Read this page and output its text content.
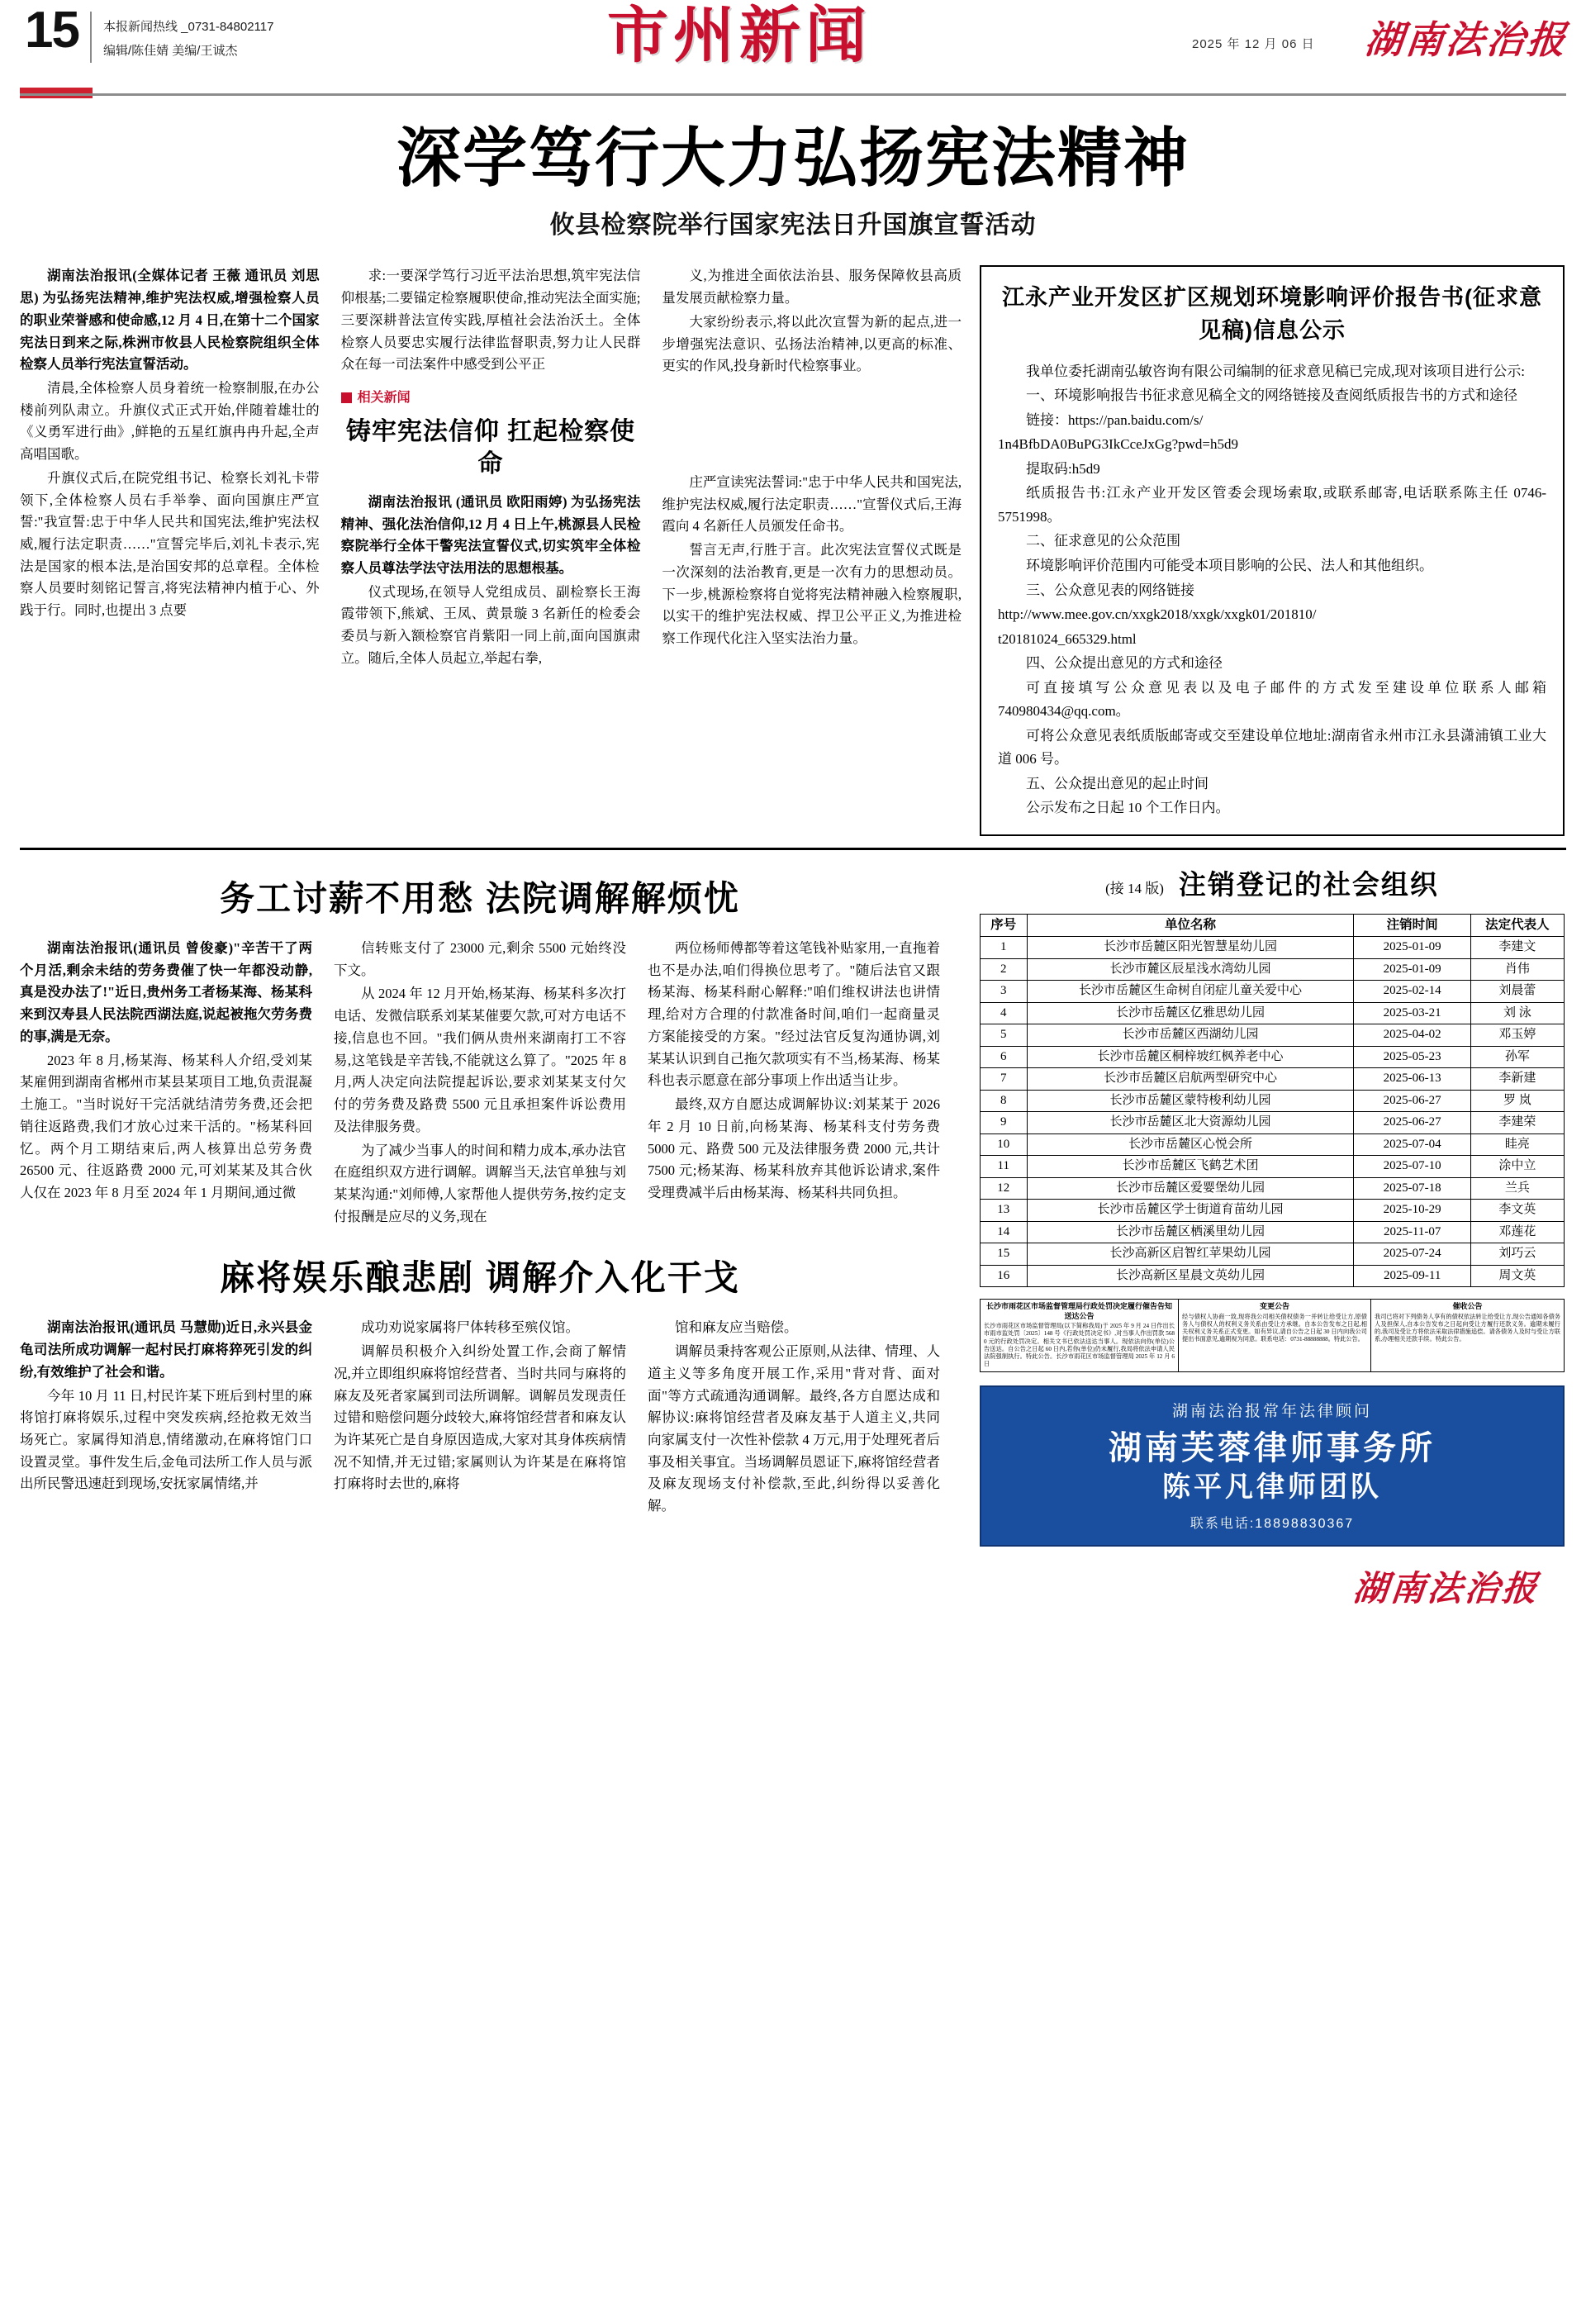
15 本报新闻热线 _0731-84802117
编辑/陈佳婧 美编/王诚杰	市州新闻	2025 年 12 月 06 日 湖南法治报
深学笃行大力弘扬宪法精神
攸县检察院举行国家宪法日升国旗宣誓活动

湖南法治报讯(全媒体记者 王薇 通讯员 刘思思) 为弘扬宪法精神,维护宪法权威,增强检察人员的职业荣誉感和使命感,12 月 4 日,在第十二个国家宪法日到来之际,株洲市攸县人民检察院组织全体检察人员举行宪法宣誓活动。

清晨,全体检察人员身着统一检察制服,在办公楼前列队肃立。升旗仪式正式开始,伴随着雄壮的《义勇军进行曲》,鲜艳的五星红旗冉冉升起,全声高唱国歌。

升旗仪式后,在院党组书记、检察长刘礼卡带领下,全体检察人员右手举拳、面向国旗庄严宣誓:"我宣誓:忠于中华人民共和国宪法,维护宪法权威,履行法定职责……"宣誓完毕后,刘礼卡表示,宪法是国家的根本法,是治国安邦的总章程。全体检察人员要时刻铭记誓言,将宪法精神内植于心、外践于行。同时,也提出 3 点要

求:一要深学笃行习近平法治思想,筑牢宪法信仰根基;二要锚定检察履职使命,推动宪法全面实施;三要深耕普法宣传实践,厚植社会法治沃土。全体检察人员要忠实履行法律监督职责,努力让人民群众在每一司法案件中感受到公平正

相关新闻
铸牢宪法信仰 扛起检察使命

湖南法治报讯 (通讯员 欧阳雨婷) 为弘扬宪法精神、强化法治信仰,12 月 4 日上午,桃源县人民检察院举行全体干警宪法宣誓仪式,切实筑牢全体检察人员尊法学法守法用法的思想根基。

仪式现场,在领导人党组成员、副检察长王海霞带领下,熊斌、王凤、黄景璇 3 名新任的检委会委员与新入额检察官肖紫阳一同上前,面向国旗肃立。随后,全体人员起立,举起右拳,

义,为推进全面依法治县、服务保障攸县高质量发展贡献检察力量。

大家纷纷表示,将以此次宣誓为新的起点,进一步增强宪法意识、弘扬法治精神,以更高的标准、更实的作风,投身新时代检察事业。

庄严宣读宪法誓词:"忠于中华人民共和国宪法,维护宪法权威,履行法定职责……"宣誓仪式后,王海霞向 4 名新任人员颁发任命书。

誓言无声,行胜于言。此次宪法宣誓仪式既是一次深刻的法治教育,更是一次有力的思想动员。下一步,桃源检察将自觉将宪法精神融入检察履职,以实干的维护宪法权威、捍卫公平正义,为推进检察工作现代化注入坚实法治力量。

江永产业开发区扩区规划环境影响评价报告书(征求意见稿)信息公示

我单位委托湖南弘敏咨询有限公司编制的征求意见稿已完成,现对该项目进行公示:

一、环境影响报告书征求意见稿全文的网络链接及查阅纸质报告书的方式和途径

链接：https://pan.baidu.com/s/

1n4BfbDA0BuPG3IkCceJxGg?pwd=h5d9

提取码:h5d9

纸质报告书:江永产业开发区管委会现场索取,或联系邮寄,电话联系陈主任 0746-5751998。

二、征求意见的公众范围

环境影响评价范围内可能受本项目影响的公民、法人和其他组织。

三、公众意见表的网络链接

http://www.mee.gov.cn/xxgk2018/xxgk/xxgk01/201810/

t20181024_665329.html

四、公众提出意见的方式和途径

可直接填写公众意见表以及电子邮件的方式发至建设单位联系人邮箱 740980434@qq.com。

可将公众意见表纸质版邮寄或交至建设单位地址:湖南省永州市江永县潇浦镇工业大道 006 号。

五、公众提出意见的起止时间

公示发布之日起 10 个工作日内。

务工讨薪不用愁 法院调解解烦忧

湖南法治报讯(通讯员 曾俊豪)"辛苦干了两个月活,剩余未结的劳务费催了快一年都没动静,真是没办法了!"近日,贵州务工者杨某海、杨某科来到汉寿县人民法院西湖法庭,说起被拖欠劳务费的事,满是无奈。

2023 年 8 月,杨某海、杨某科人介绍,受刘某某雇佣到湖南省郴州市某县某项目工地,负责混凝土施工。"当时说好干完活就结清劳务费,还会把销往返路费,我们才放心过来干活的。"杨某科回忆。两个月工期结束后,两人核算出总劳务费 26500 元、往返路费 2000 元,可刘某某及其合伙人仅在 2023 年 8 月至 2024 年 1 月期间,通过微

信转账支付了 23000 元,剩余 5500 元始终没下文。

从 2024 年 12 月开始,杨某海、杨某科多次打电话、发微信联系刘某某催要欠款,可对方电话不接,信息也不回。"我们俩从贵州来湖南打工不容易,这笔钱是辛苦钱,不能就这么算了。"2025 年 8 月,两人决定向法院提起诉讼,要求刘某某支付欠付的劳务费及路费 5500 元且承担案件诉讼费用及法律服务费。

为了减少当事人的时间和精力成本,承办法官在庭组织双方进行调解。调解当天,法官单独与刘某某沟通:"刘师傅,人家帮他人提供劳务,按约定支付报酬是应尽的义务,现在

两位杨师傅都等着这笔钱补贴家用,一直拖着也不是办法,咱们得换位思考了。"随后法官又跟杨某海、杨某科耐心解释:"咱们维权讲法也讲情理,给对方合理的付款准备时间,咱们一起商量灵方案能接受的方案。"经过法官反复沟通协调,刘某某认识到自己拖欠款项实有不当,杨某海、杨某科也表示愿意在部分事项上作出适当让步。

最终,双方自愿达成调解协议:刘某某于 2026 年 2 月 10 日前,向杨某海、杨某科支付劳务费 5000 元、路费 500 元及法律服务费 2000 元,共计 7500 元;杨某海、杨某科放弃其他诉讼请求,案件受理费减半后由杨某海、杨某科共同负担。

麻将娱乐酿悲剧 调解介入化干戈

湖南法治报讯(通讯员 马慧勋)近日,永兴县金龟司法所成功调解一起村民打麻将猝死引发的纠纷,有效维护了社会和谐。

今年 10 月 11 日,村民许某下班后到村里的麻将馆打麻将娱乐,过程中突发疾病,经抢救无效当场死亡。家属得知消息,情绪激动,在麻将馆门口设置灵堂。事件发生后,金龟司法所工作人员与派出所民警迅速赶到现场,安抚家属情绪,并

成功劝说家属将尸体转移至殡仪馆。

调解员积极介入纠纷处置工作,会商了解情况,并立即组织麻将馆经营者、当时共同与麻将的麻友及死者家属到司法所调解。调解员发现责任过错和赔偿问题分歧较大,麻将馆经营者和麻友认为许某死亡是自身原因造成,大家对其身体疾病情况不知情,并无过错;家属则认为许某是在麻将馆打麻将时去世的,麻将

馆和麻友应当赔偿。

调解员秉持客观公正原则,从法律、情理、人道主义等多角度开展工作,采用"背对背、面对面"等方式疏通沟通调解。最终,各方自愿达成和解协议:麻将馆经营者及麻友基于人道主义,共同向家属支付一次性补偿款 4 万元,用于处理死者后事及相关事宜。当场调解员恩证下,麻将馆经营者及麻友现场支付补偿款,至此,纠纷得以妥善化解。

(接 14 版) 注销登记的社会组织
序号	单位名称	注销时间	法定代表人
1	长沙市岳麓区阳光智慧星幼儿园	2025-01-09	李建文
2	长沙市麓区辰星浅水湾幼儿园	2025-01-09	肖伟
3	长沙市岳麓区生命树自闭症儿童关爱中心	2025-02-14	刘晨蕾
4	长沙市岳麓区亿雅思幼儿园	2025-03-21	刘 泳
5	长沙市岳麓区西湖幼儿园	2025-04-02	邓玉婷
6	长沙市岳麓区桐梓坡红枫养老中心	2025-05-23	孙军
7	长沙市岳麓区启航两型研究中心	2025-06-13	李新建
8	长沙市岳麓区蒙特梭利幼儿园	2025-06-27	罗 岚
9	长沙市岳麓区北大资源幼儿园	2025-06-27	李建荣
10	长沙市岳麓区心悦会所	2025-07-04	眭亮
11	长沙市岳麓区飞鹤艺术团	2025-07-10	涂中立
12	长沙市岳麓区爱婴堡幼儿园	2025-07-18	兰兵
13	长沙市岳麓区学士街道育苗幼儿园	2025-10-29	李文英
14	长沙市岳麓区栖溪里幼儿园	2025-11-07	邓莲花
15	长沙高新区启智红苹果幼儿园	2025-07-24	刘巧云
16	长沙高新区星晨文英幼儿园	2025-09-11	周文英
长沙市雨花区市场监督管理局行政处罚决定履行催告告知送达公告
长沙市雨花区市场监督管理局(以下简称我局)于 2025 年 9 月 24 日作出长市雨市监处罚〔2025〕148 号《行政处罚决定书》,对当事人作出罚款 5680 元的行政处罚决定。相关文书已依法送达当事人。现依法向你(单位)公告送达。自公告之日起 60 日内,若你(单位)仍未履行,我局将依法申请人民法院强制执行。特此公告。长沙市雨花区市场监督管理局 2025 年 12 月 6 日
变更公告
经与债权人协商一致,现将我公司相关债权债务一并转让给受让方,原债务人与债权人的权利义务关系由受让方承继。自本公告发布之日起,相关权利义务关系正式变更。如有异议,请自公告之日起 30 日内向我公司提出书面意见,逾期视为同意。联系电话：0731-88888888。特此公告。
催收公告
我司已将对下列债务人享有的债权依法转让给受让方,现公告通知各债务人及担保人,自本公告发布之日起向受让方履行还款义务。逾期未履行的,我司及受让方将依法采取法律措施追偿。请各债务人及时与受让方联系,办理相关还款手续。特此公告。
湖南法治报常年法律顾问
湖南芙蓉律师事务所
陈平凡律师团队
联系电话:18898830367
湖南法治报
